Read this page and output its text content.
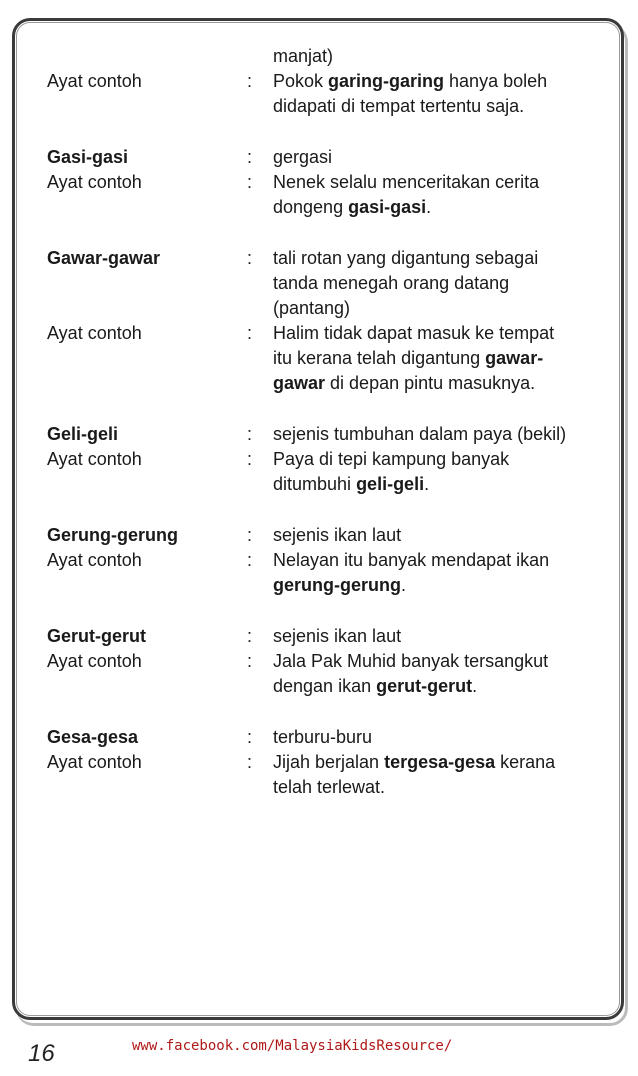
manjat)
Ayat contoh	:	Pokok garing-garing hanya boleh didapati di tempat tertentu saja.
Gasi-gasi	:	gergasi
Ayat contoh	:	Nenek selalu menceritakan cerita dongeng gasi-gasi.
Gawar-gawar	:	tali rotan yang digantung sebagai tanda menegah orang datang (pantang)
Ayat contoh	:	Halim tidak dapat masuk ke tempat itu kerana telah digantung gawar-gawar di depan pintu masuknya.
Geli-geli	:	sejenis tumbuhan dalam paya (bekil)
Ayat contoh	:	Paya di tepi kampung banyak ditumbuhi geli-geli.
Gerung-gerung	:	sejenis ikan laut
Ayat contoh	:	Nelayan itu banyak mendapat ikan gerung-gerung.
Gerut-gerut	:	sejenis ikan laut
Ayat contoh	:	Jala Pak Muhid banyak tersangkut dengan ikan gerut-gerut.
Gesa-gesa	:	terburu-buru
Ayat contoh	:	Jijah berjalan tergesa-gesa kerana telah terlewat.
16	www.facebook.com/MalaysiaKidsResource/
